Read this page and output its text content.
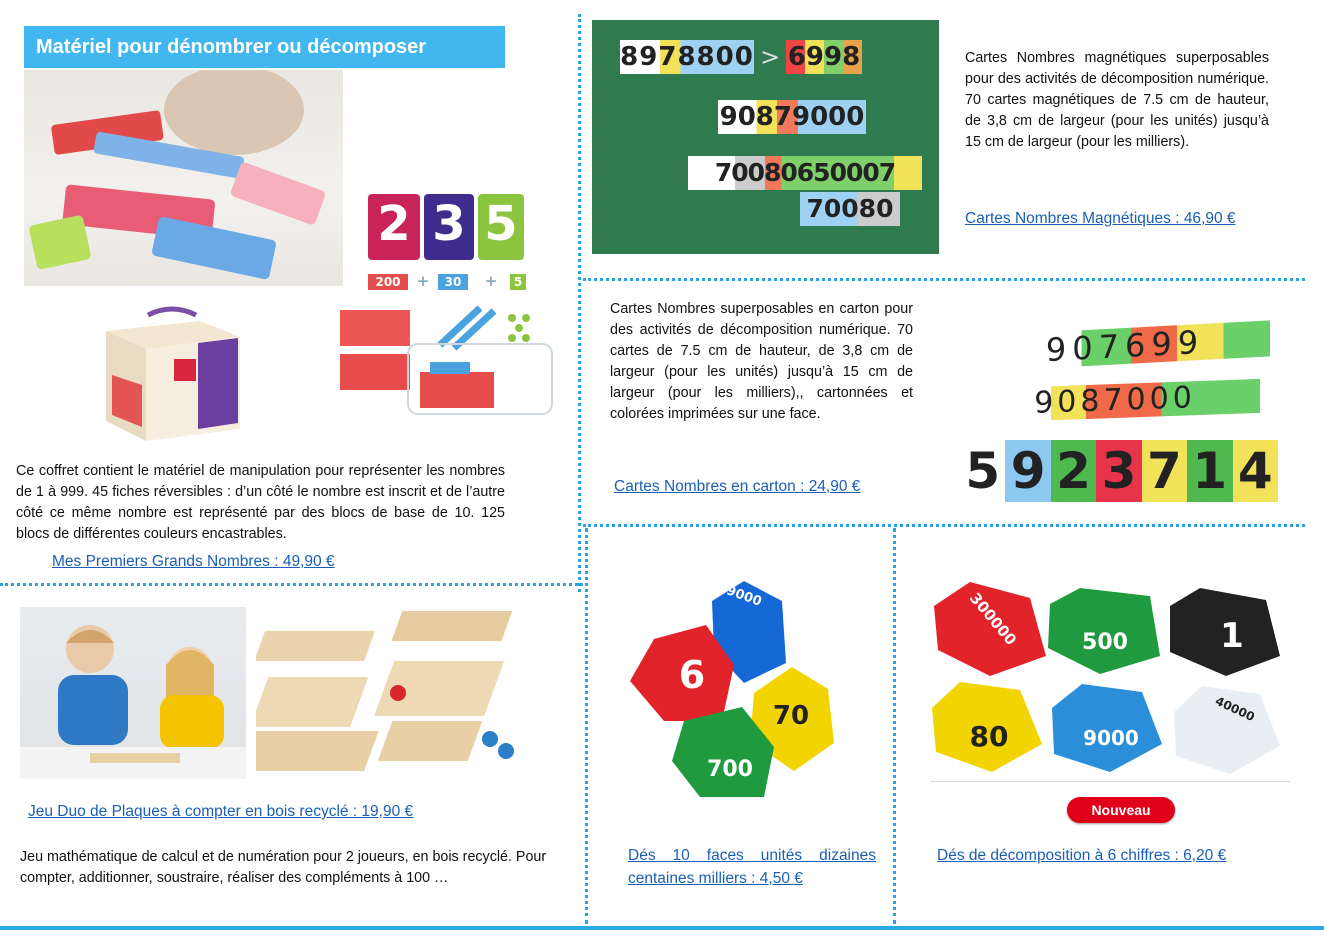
Matériel pour dénombrer ou décomposer
2 3 5
200	+	30	+	5
Ce coffret contient le matériel de manipulation pour représenter les nombres de 1 à 999. 45 fiches réversibles : d’un côté le nombre est inscrit et de l’autre côté ce même nombre est représenté par des blocs de base de 10. 125 blocs de différentes couleurs encastrables.
Mes Premiers Grands Nombres : 49,90 €
8978800 > 6998
90879000
70080650007
70080
Cartes Nombres magnétiques superposables pour des activités de décomposition numérique. 70 cartes magnétiques de 7.5 cm de hauteur, de 3,8 cm de largeur (pour les unités) jusqu’à 15 cm de largeur (pour les milliers).
Cartes Nombres Magnétiques : 46,90 €
Cartes Nombres superposables en carton pour des activités de décomposition numérique. 70 cartes de 7.5 cm de hauteur, de 3,8 cm de largeur (pour les unités) jusqu’à 15 cm de largeur (pour les milliers),, cartonnées et colorées imprimées sur une face.
Cartes Nombres en carton : 24,90 €
907699
9087000
5 9 2 3 7 1 4
Jeu Duo de Plaques à compter en bois recyclé : 19,90 €
Jeu mathématique de calcul et de numération pour 2 joueurs, en bois recyclé. Pour compter, additionner, soustraire, réaliser des compléments à 100 …
9000
6
700
70
Dés 10 faces unités dizaines centaines milliers : 4,50 €
300000	500	1
80	9000
40000
Nouveau
Dés de décomposition à 6 chiffres : 6,20 €
